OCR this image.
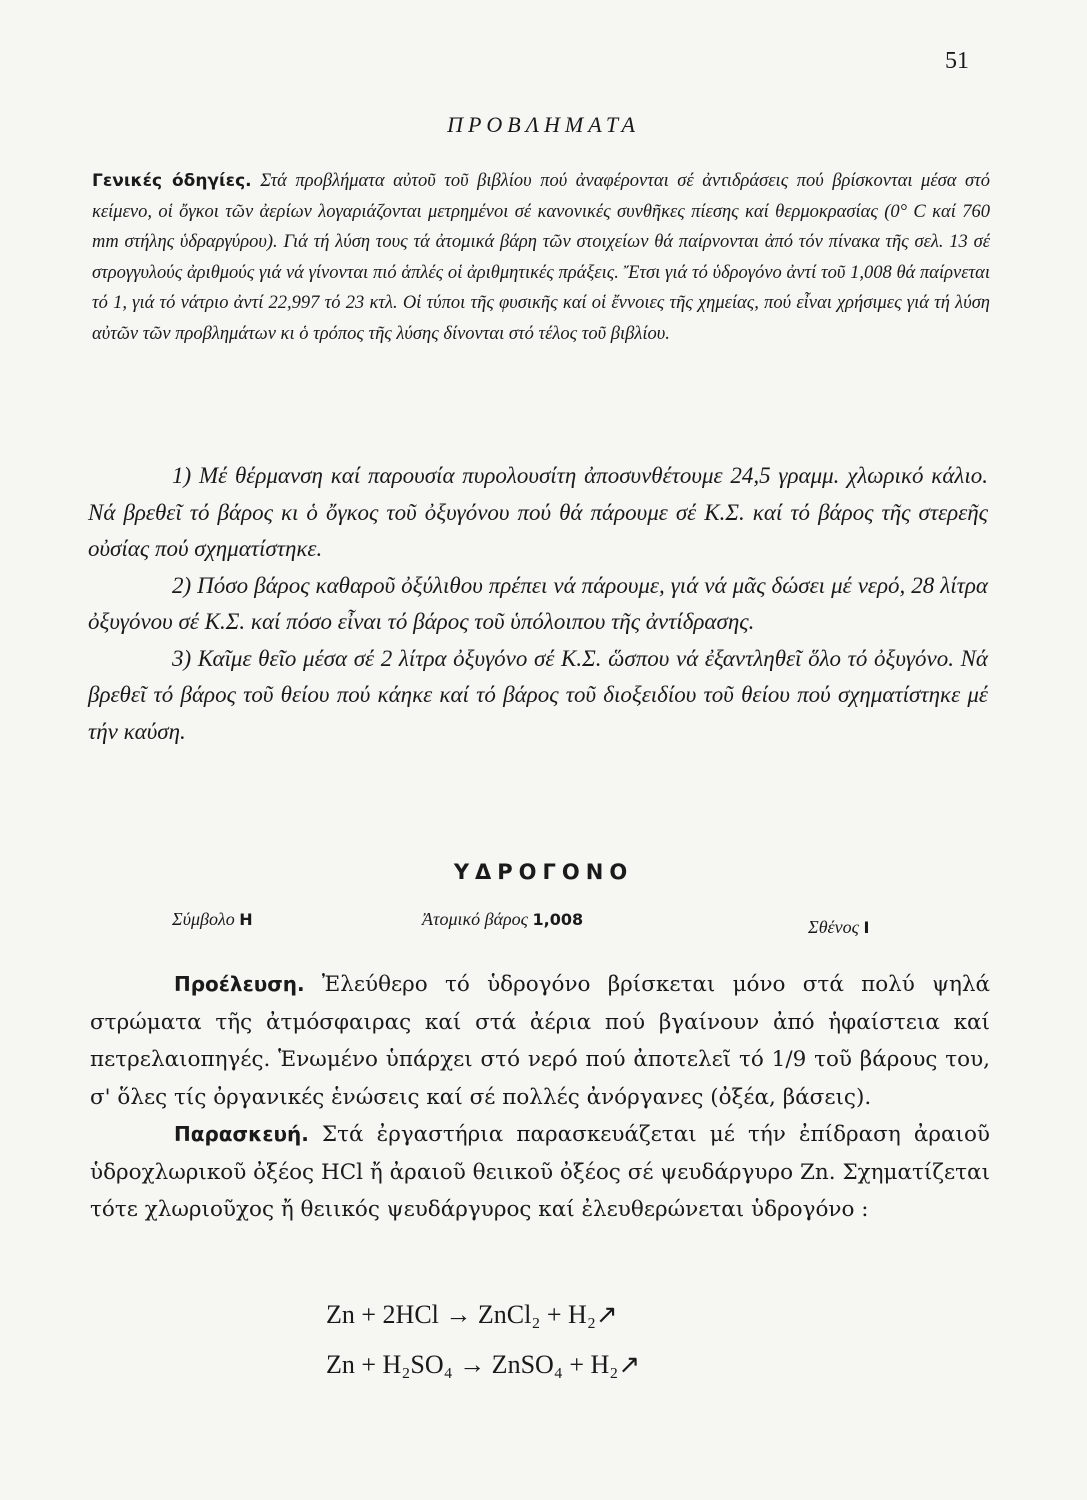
51
ΠΡΟΒΛΗΜΑΤΑ
Γενικές όδηγίες. Στά προβλήματα αὐτοῦ τοῦ βιβλίου πού ἀναφέρονται σέ ἀντιδράσεις πού βρίσκονται μέσα στό κείμενο, οἱ ὄγκοι τῶν ἀερίων λογαριάζονται μετρημένοι σέ κανονικές συνθῆκες πίεσης καί θερμοκρασίας (0° C καί 760 mm στήλης ὑδραργύρου). Γιά τή λύση τους τά ἀτομικά βάρη τῶν στοιχείων θά παίρνονται ἀπό τόν πίνακα τῆς σελ. 13 σέ στρογγυλούς ἀριθμούς γιά νά γίνονται πιό ἁπλές οἱ ἀριθμητικές πράξεις. Ἔτσι γιά τό ὑδρογόνο ἀντί τοῦ 1,008 θά παίρνεται τό 1, γιά τό νάτριο ἀντί 22,997 τό 23 κτλ. Οἱ τύποι τῆς φυσικῆς καί οἱ ἔννοιες τῆς χημείας, πού εἶναι χρήσιμες γιά τή λύση αὐτῶν τῶν προβλημάτων κι ὁ τρόπος τῆς λύσης δίνονται στό τέλος τοῦ βιβλίου.

1) Μέ θέρμανση καί παρουσία πυρολουσίτη ἀποσυνθέτουμε 24,5 γραμμ. χλωρικό κάλιο. Νά βρεθεῖ τό βάρος κι ὁ ὄγκος τοῦ ὀξυγόνου πού θά πάρουμε σέ Κ.Σ. καί τό βάρος τῆς στερεῆς οὐσίας πού σχηματίστηκε.

2) Πόσο βάρος καθαροῦ ὀξύλιθου πρέπει νά πάρουμε, γιά νά μᾶς δώσει μέ νερό, 28 λίτρα ὀξυγόνου σέ Κ.Σ. καί πόσο εἶναι τό βάρος τοῦ ὑπόλοιπου τῆς ἀντίδρασης.

3) Καῖμε θεῖο μέσα σέ 2 λίτρα ὀξυγόνο σέ Κ.Σ. ὥσπου νά ἐξαντληθεῖ ὅλο τό ὀξυγόνο. Νά βρεθεῖ τό βάρος τοῦ θείου πού κάηκε καί τό βάρος τοῦ διοξειδίου τοῦ θείου πού σχηματίστηκε μέ τήν καύση.

ΥΔΡΟΓΟΝΟ
Σύμβολο Η	Ἀτομικό βάρος 1,008	Σθένος I

Προέλευση. Ἐλεύθερο τό ὑδρογόνο βρίσκεται μόνο στά πολύ ψηλά στρώματα τῆς ἀτμόσφαιρας καί στά ἀέρια πού βγαίνουν ἀπό ἡφαίστεια καί πετρελαιοπηγές. Ἑνωμένο ὑπάρχει στό νερό πού ἀποτελεῖ τό 1/9 τοῦ βάρους του, σ' ὅλες τίς ὀργανικές ἑνώσεις καί σέ πολλές ἀνόργανες (ὀξέα, βάσεις).

Παρασκευή. Στά ἐργαστήρια παρασκευάζεται μέ τήν ἐπίδραση ἀραιοῦ ὑδροχλωρικοῦ ὀξέος HCl ἤ ἀραιοῦ θειικοῦ ὀξέος σέ ψευδάργυρο Zn. Σχηματίζεται τότε χλωριοῦχος ἤ θειικός ψευδάργυρος καί ἐλευθερώνεται ὑδρογόνο :

Zn + 2HCl → ZnCl₂ + H₂↗
Zn + H₂SO₄ → ZnSO₄ + H₂↗
